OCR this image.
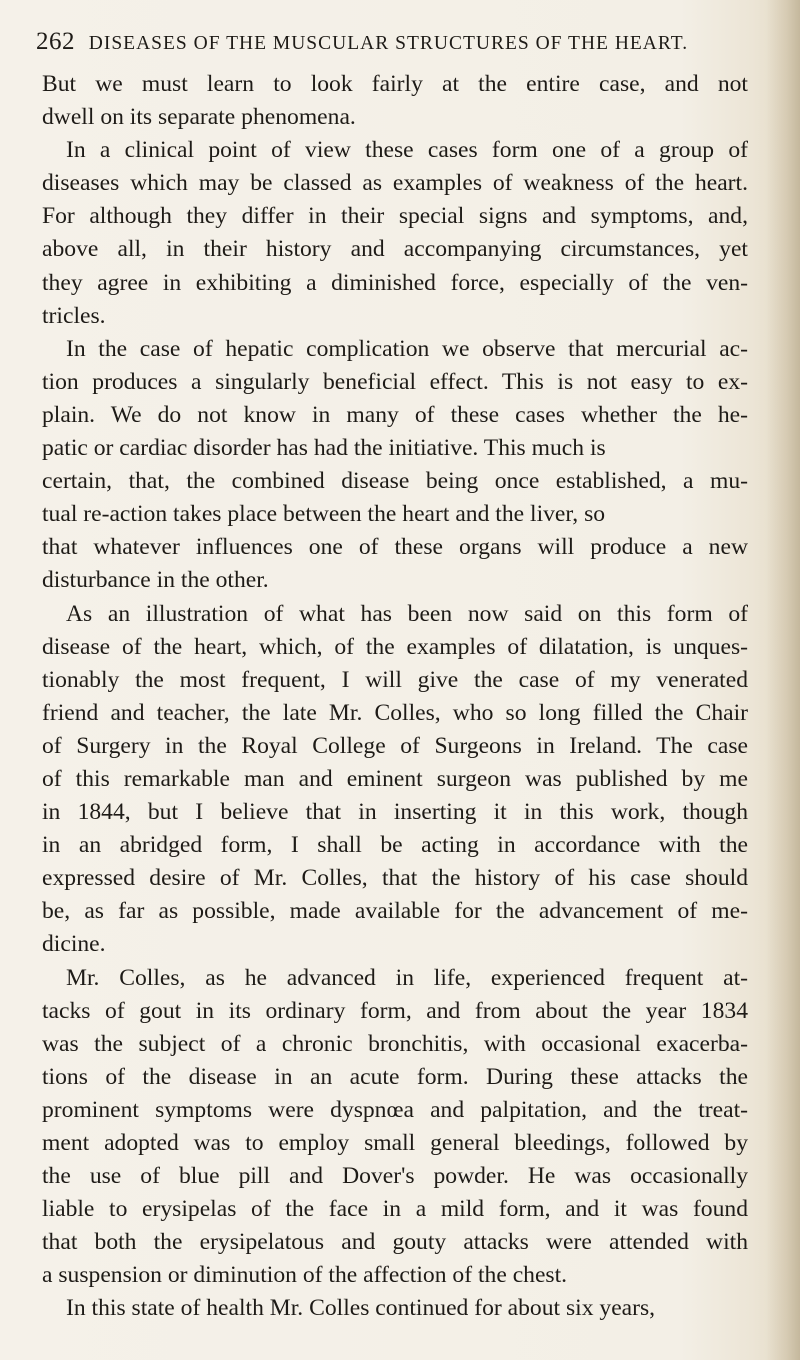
262 DISEASES OF THE MUSCULAR STRUCTURES OF THE HEART.
But we must learn to look fairly at the entire case, and not
dwell on its separate phenomena.
In a clinical point of view these cases form one of a group of
diseases which may be classed as examples of weakness of the heart.
For although they differ in their special signs and symptoms, and,
above all, in their history and accompanying circumstances, yet
they agree in exhibiting a diminished force, especially of the ven-
tricles.
In the case of hepatic complication we observe that mercurial ac-
tion produces a singularly beneficial effect. This is not easy to ex-
plain. We do not know in many of these cases whether the he-
patic or cardiac disorder has had the initiative. This much is
certain, that, the combined disease being once established, a mu-
tual re-action takes place between the heart and the liver, so
that whatever influences one of these organs will produce a new
disturbance in the other.
As an illustration of what has been now said on this form of
disease of the heart, which, of the examples of dilatation, is unques-
tionably the most frequent, I will give the case of my venerated
friend and teacher, the late Mr. Colles, who so long filled the Chair
of Surgery in the Royal College of Surgeons in Ireland. The case
of this remarkable man and eminent surgeon was published by me
in 1844, but I believe that in inserting it in this work, though
in an abridged form, I shall be acting in accordance with the
expressed desire of Mr. Colles, that the history of his case should
be, as far as possible, made available for the advancement of me-
dicine.
Mr. Colles, as he advanced in life, experienced frequent at-
tacks of gout in its ordinary form, and from about the year 1834
was the subject of a chronic bronchitis, with occasional exacerba-
tions of the disease in an acute form. During these attacks the
prominent symptoms were dyspnœa and palpitation, and the treat-
ment adopted was to employ small general bleedings, followed by
the use of blue pill and Dover's powder. He was occasionally
liable to erysipelas of the face in a mild form, and it was found
that both the erysipelatous and gouty attacks were attended with
a suspension or diminution of the affection of the chest.
In this state of health Mr. Colles continued for about six years,
